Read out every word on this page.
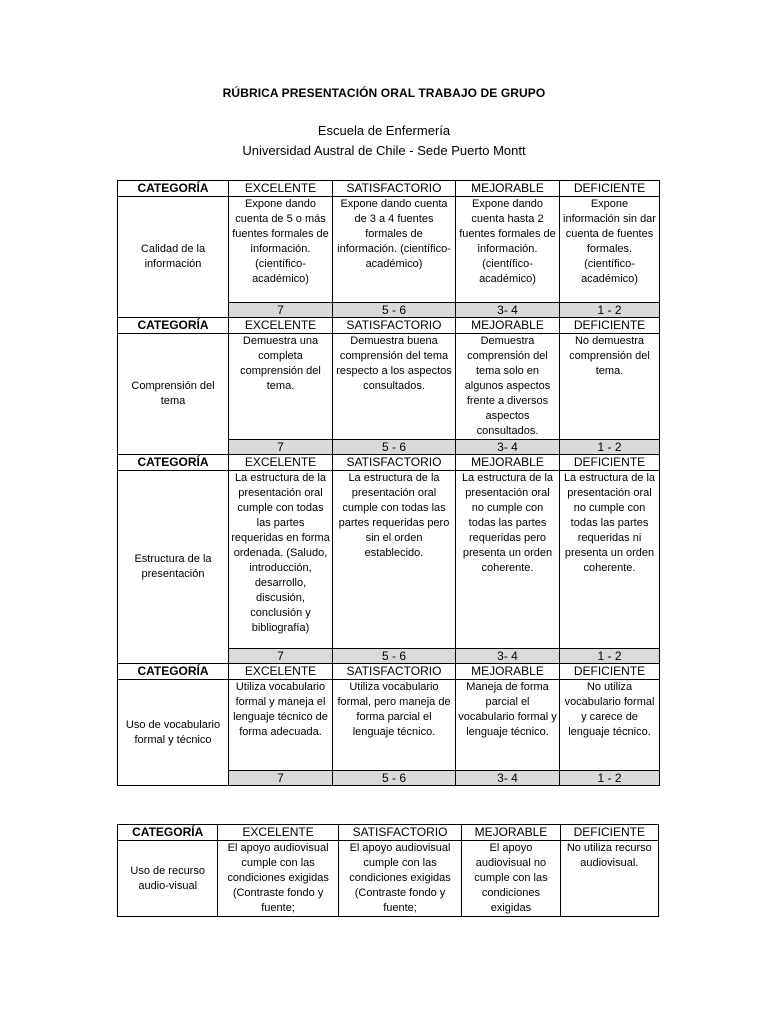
RÚBRICA PRESENTACIÓN ORAL TRABAJO DE GRUPO
Escuela de Enfermería
Universidad Austral de Chile - Sede Puerto Montt
CATEGORÍA	EXCELENTE	SATISFACTORIO	MEJORABLE	DEFICIENTE
Calidad de la información	Expone dando cuenta de 5 o más fuentes formales de información. (científico-académico)	Expone dando cuenta de 3 a 4 fuentes formales de información. (científico-académico)	Expone dando cuenta hasta 2 fuentes formales de información. (científico-académico)	Expone información sin dar cuenta de fuentes formales. (científico-académico)
	7	5 - 6	3- 4	1 - 2
CATEGORÍA	EXCELENTE	SATISFACTORIO	MEJORABLE	DEFICIENTE
Comprensión del tema	Demuestra una completa comprensión del tema.	Demuestra buena comprensión del tema respecto a los aspectos consultados.	Demuestra comprensión del tema solo en algunos aspectos frente a diversos aspectos consultados.	No demuestra comprensión del tema.
	7	5 - 6	3- 4	1 - 2
CATEGORÍA	EXCELENTE	SATISFACTORIO	MEJORABLE	DEFICIENTE
Estructura de la presentación	La estructura de la presentación oral cumple con todas las partes requeridas en forma ordenada. (Saludo, introducción, desarrollo, discusión, conclusión y bibliografía)	La estructura de la presentación oral cumple con todas las partes requeridas pero sin el orden establecido.	La estructura de la presentación oral no cumple con todas las partes requeridas pero presenta un orden coherente.	La estructura de la presentación oral no cumple con todas las partes requeridas ni presenta un orden coherente.
	7	5 - 6	3- 4	1 - 2
CATEGORÍA	EXCELENTE	SATISFACTORIO	MEJORABLE	DEFICIENTE
Uso de vocabulario formal y técnico	Utiliza vocabulario formal y maneja el lenguaje técnico de forma adecuada.	Utiliza vocabulario formal, pero maneja de forma parcial el lenguaje técnico.	Maneja de forma parcial el vocabulario formal y lenguaje técnico.	No utiliza vocabulario formal y carece de lenguaje técnico.
	7	5 - 6	3- 4	1 - 2
CATEGORÍA	EXCELENTE	SATISFACTORIO	MEJORABLE	DEFICIENTE
Uso de recurso audio-visual	El apoyo audiovisual cumple con las condiciones exigidas (Contraste fondo y fuente;	El apoyo audiovisual cumple con las condiciones exigidas (Contraste fondo y fuente;	El apoyo audiovisual no cumple con las condiciones exigidas	No utiliza recurso audiovisual.
